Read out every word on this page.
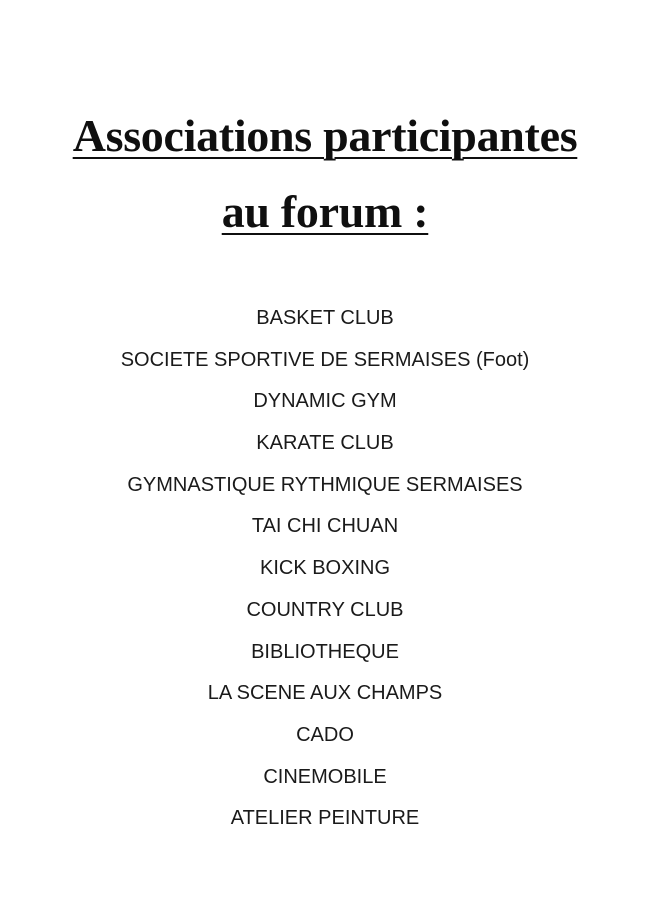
Associations participantes
au forum :
BASKET CLUB
SOCIETE SPORTIVE DE SERMAISES (Foot)
DYNAMIC GYM
KARATE CLUB
GYMNASTIQUE RYTHMIQUE SERMAISES
TAI CHI CHUAN
KICK BOXING
COUNTRY CLUB
BIBLIOTHEQUE
LA SCENE AUX CHAMPS
CADO
CINEMOBILE
ATELIER PEINTURE
